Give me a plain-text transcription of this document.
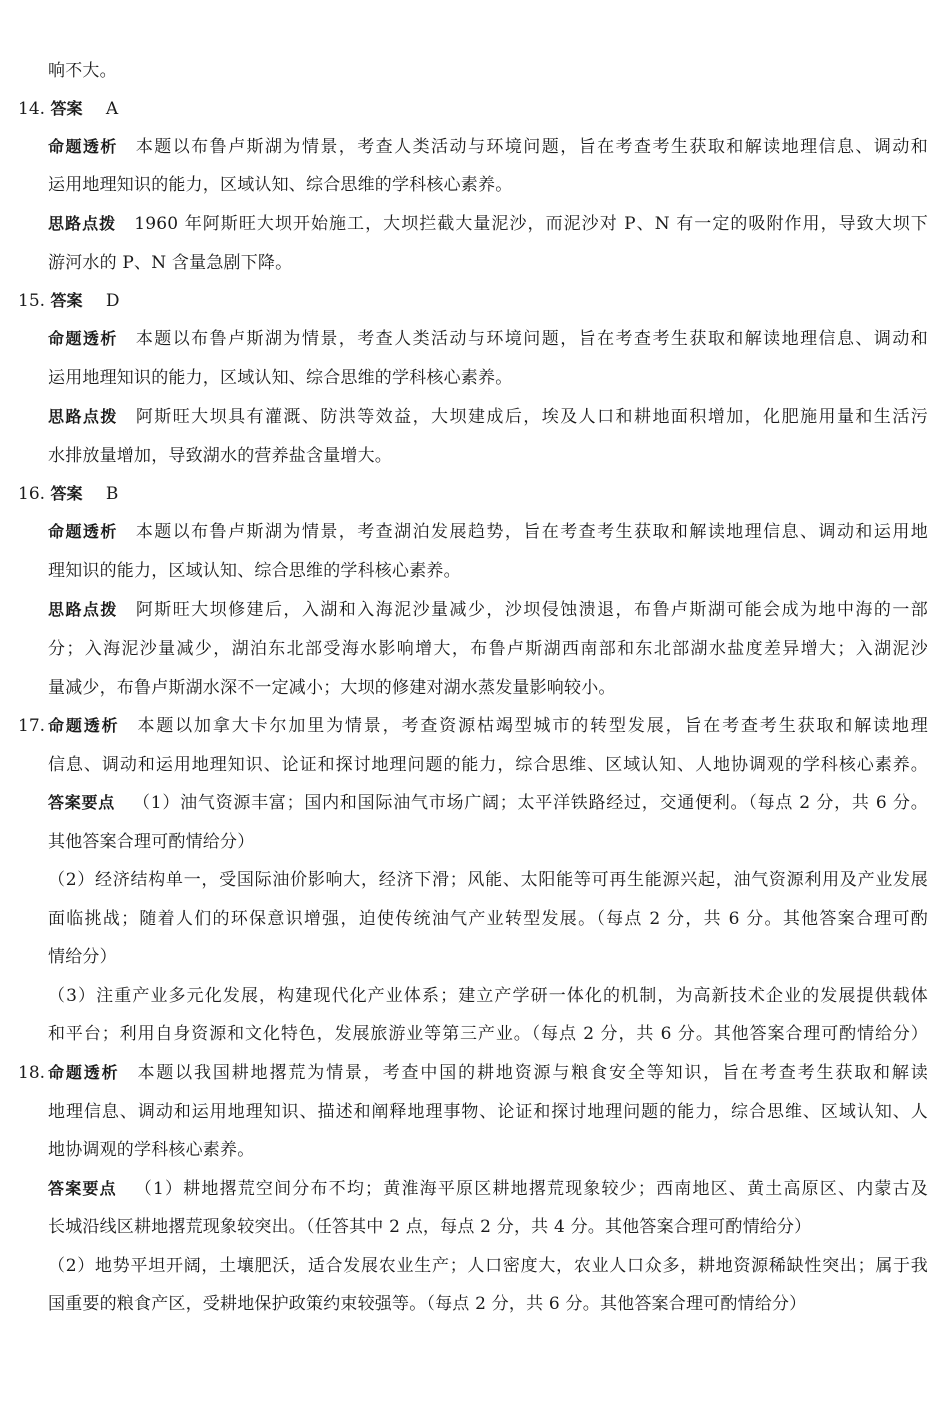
响不大。
14. 答案 A
命题透析 本题以布鲁卢斯湖为情景，考查人类活动与环境问题，旨在考查考生获取和解读地理信息、调动和
运用地理知识的能力，区域认知、综合思维的学科核心素养。
思路点拨 1960 年阿斯旺大坝开始施工，大坝拦截大量泥沙，而泥沙对 P、N 有一定的吸附作用，导致大坝下
游河水的 P、N 含量急剧下降。
15. 答案 D
命题透析 本题以布鲁卢斯湖为情景，考查人类活动与环境问题，旨在考查考生获取和解读地理信息、调动和
运用地理知识的能力，区域认知、综合思维的学科核心素养。
思路点拨 阿斯旺大坝具有灌溉、防洪等效益，大坝建成后，埃及人口和耕地面积增加，化肥施用量和生活污
水排放量增加，导致湖水的营养盐含量增大。
16. 答案 B
命题透析 本题以布鲁卢斯湖为情景，考查湖泊发展趋势，旨在考查考生获取和解读地理信息、调动和运用地
理知识的能力，区域认知、综合思维的学科核心素养。
思路点拨 阿斯旺大坝修建后，入湖和入海泥沙量减少，沙坝侵蚀溃退，布鲁卢斯湖可能会成为地中海的一部
分；入海泥沙量减少，湖泊东北部受海水影响增大，布鲁卢斯湖西南部和东北部湖水盐度差异增大；入湖泥沙
量减少，布鲁卢斯湖水深不一定减小；大坝的修建对湖水蒸发量影响较小。
17. 命题透析 本题以加拿大卡尔加里为情景，考查资源枯竭型城市的转型发展，旨在考查考生获取和解读地理
信息、调动和运用地理知识、论证和探讨地理问题的能力，综合思维、区域认知、人地协调观的学科核心素养。
答案要点 （1）油气资源丰富；国内和国际油气市场广阔；太平洋铁路经过，交通便利。（每点 2 分，共 6 分。
其他答案合理可酌情给分）
（2）经济结构单一，受国际油价影响大，经济下滑；风能、太阳能等可再生能源兴起，油气资源利用及产业发展
面临挑战；随着人们的环保意识增强，迫使传统油气产业转型发展。（每点 2 分，共 6 分。其他答案合理可酌
情给分）
（3）注重产业多元化发展，构建现代化产业体系；建立产学研一体化的机制，为高新技术企业的发展提供载体
和平台；利用自身资源和文化特色，发展旅游业等第三产业。（每点 2 分，共 6 分。其他答案合理可酌情给分）
18. 命题透析 本题以我国耕地撂荒为情景，考查中国的耕地资源与粮食安全等知识，旨在考查考生获取和解读
地理信息、调动和运用地理知识、描述和阐释地理事物、论证和探讨地理问题的能力，综合思维、区域认知、人
地协调观的学科核心素养。
答案要点 （1）耕地撂荒空间分布不均；黄淮海平原区耕地撂荒现象较少；西南地区、黄土高原区、内蒙古及
长城沿线区耕地撂荒现象较突出。（任答其中 2 点，每点 2 分，共 4 分。其他答案合理可酌情给分）
（2）地势平坦开阔，土壤肥沃，适合发展农业生产；人口密度大，农业人口众多，耕地资源稀缺性突出；属于我
国重要的粮食产区，受耕地保护政策约束较强等。（每点 2 分，共 6 分。其他答案合理可酌情给分）
